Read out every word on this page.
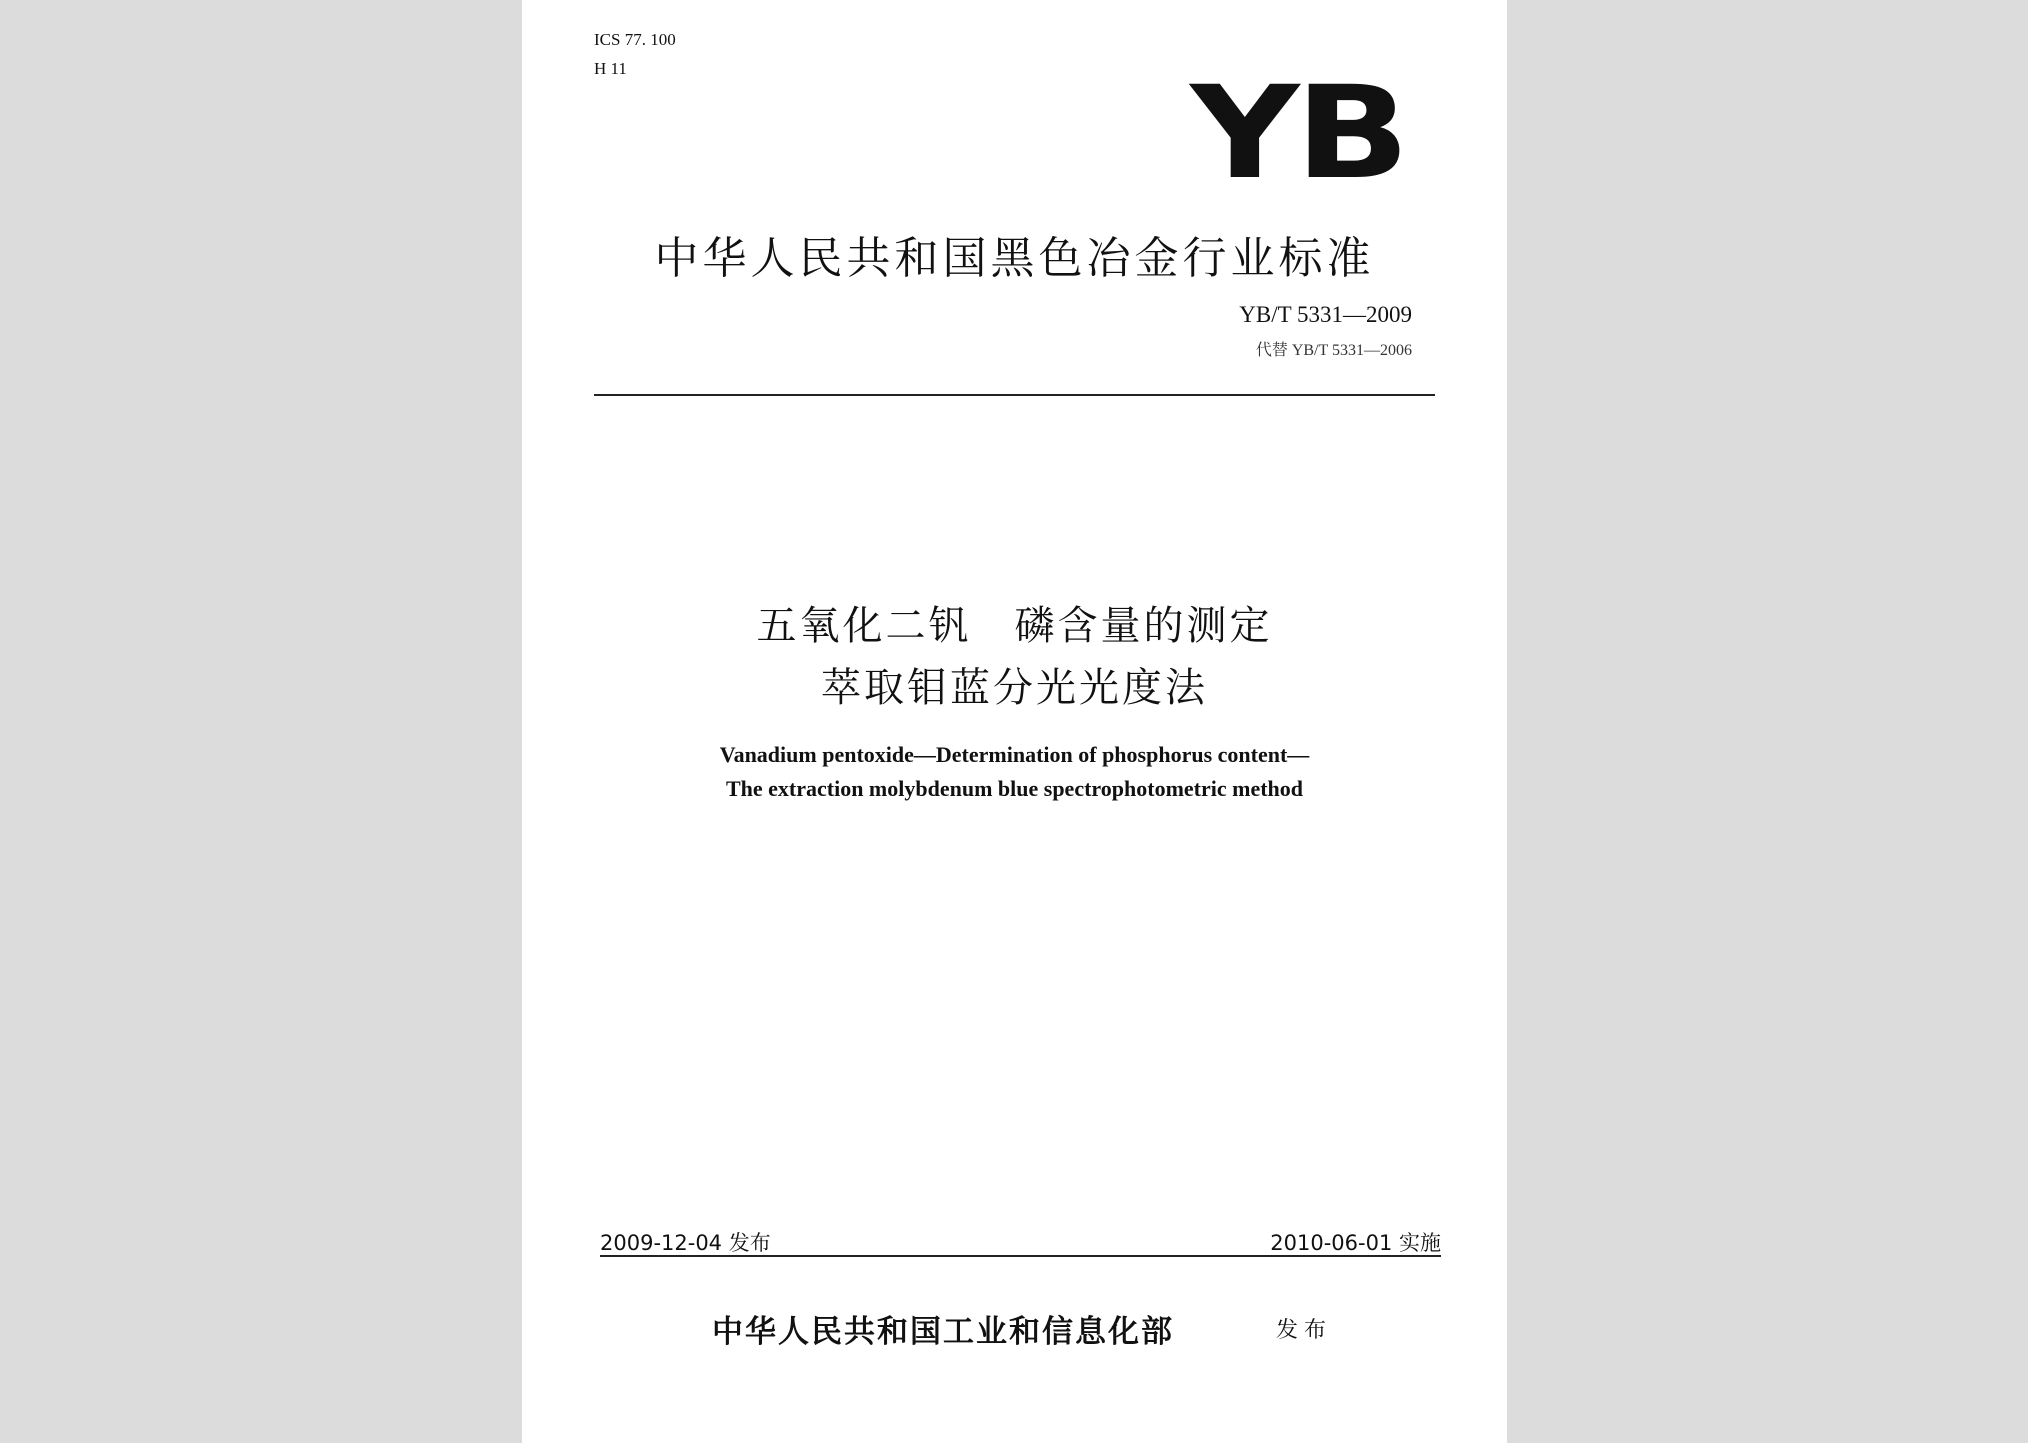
ICS 77. 100

H 11	YB
中华人民共和国黑色冶金行业标准

YB/T 5331—2009

代替 YB/T 5331—2006

五氧化二钒　磷含量的测定

萃取钼蓝分光光度法

Vanadium pentoxide—Determination of phosphorus content—

The extraction molybdenum blue spectrophotometric method

2009-12-04 发布	2010-06-01 实施

中华人民共和国工业和信息化部	发布
